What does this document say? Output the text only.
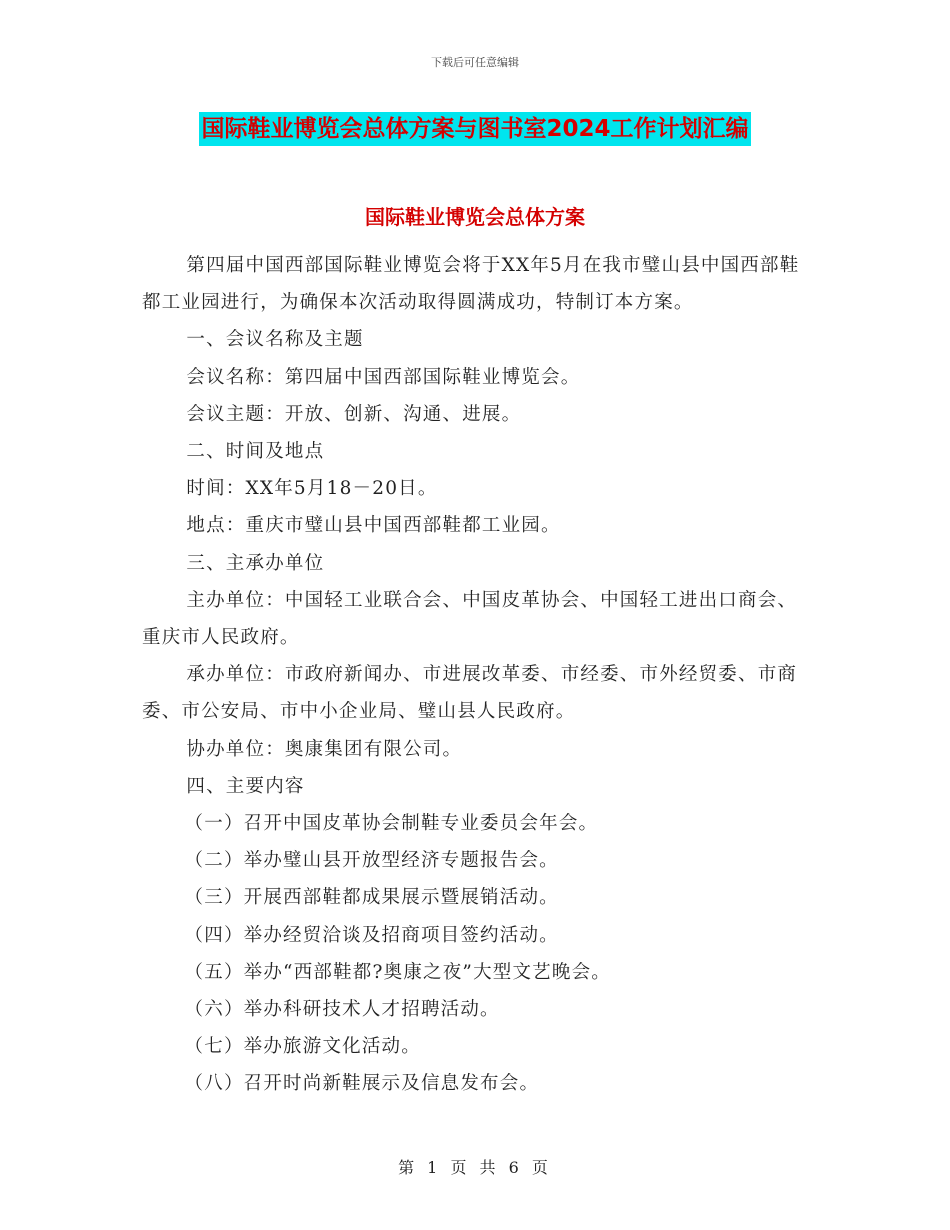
下载后可任意编辑
国际鞋业博览会总体方案与图书室2024工作计划汇编
国际鞋业博览会总体方案

第四届中国西部国际鞋业博览会将于XX年5月在我市璧山县中国西部鞋都工业园进行，为确保本次活动取得圆满成功，特制订本方案。

一、会议名称及主题

会议名称：第四届中国西部国际鞋业博览会。

会议主题：开放、创新、沟通、进展。

二、时间及地点

时间：XX年5月18－20日。

地点：重庆市璧山县中国西部鞋都工业园。

三、主承办单位

主办单位：中国轻工业联合会、中国皮革协会、中国轻工进出口商会、重庆市人民政府。

承办单位：市政府新闻办、市进展改革委、市经委、市外经贸委、市商委、市公安局、市中小企业局、璧山县人民政府。

协办单位：奥康集团有限公司。

四、主要内容

（一）召开中国皮革协会制鞋专业委员会年会。

（二）举办璧山县开放型经济专题报告会。

（三）开展西部鞋都成果展示暨展销活动。

（四）举办经贸洽谈及招商项目签约活动。

（五）举办“西部鞋都?奥康之夜”大型文艺晚会。

（六）举办科研技术人才招聘活动。

（七）举办旅游文化活动。

（八）召开时尚新鞋展示及信息发布会。

第 1 页 共 6 页
